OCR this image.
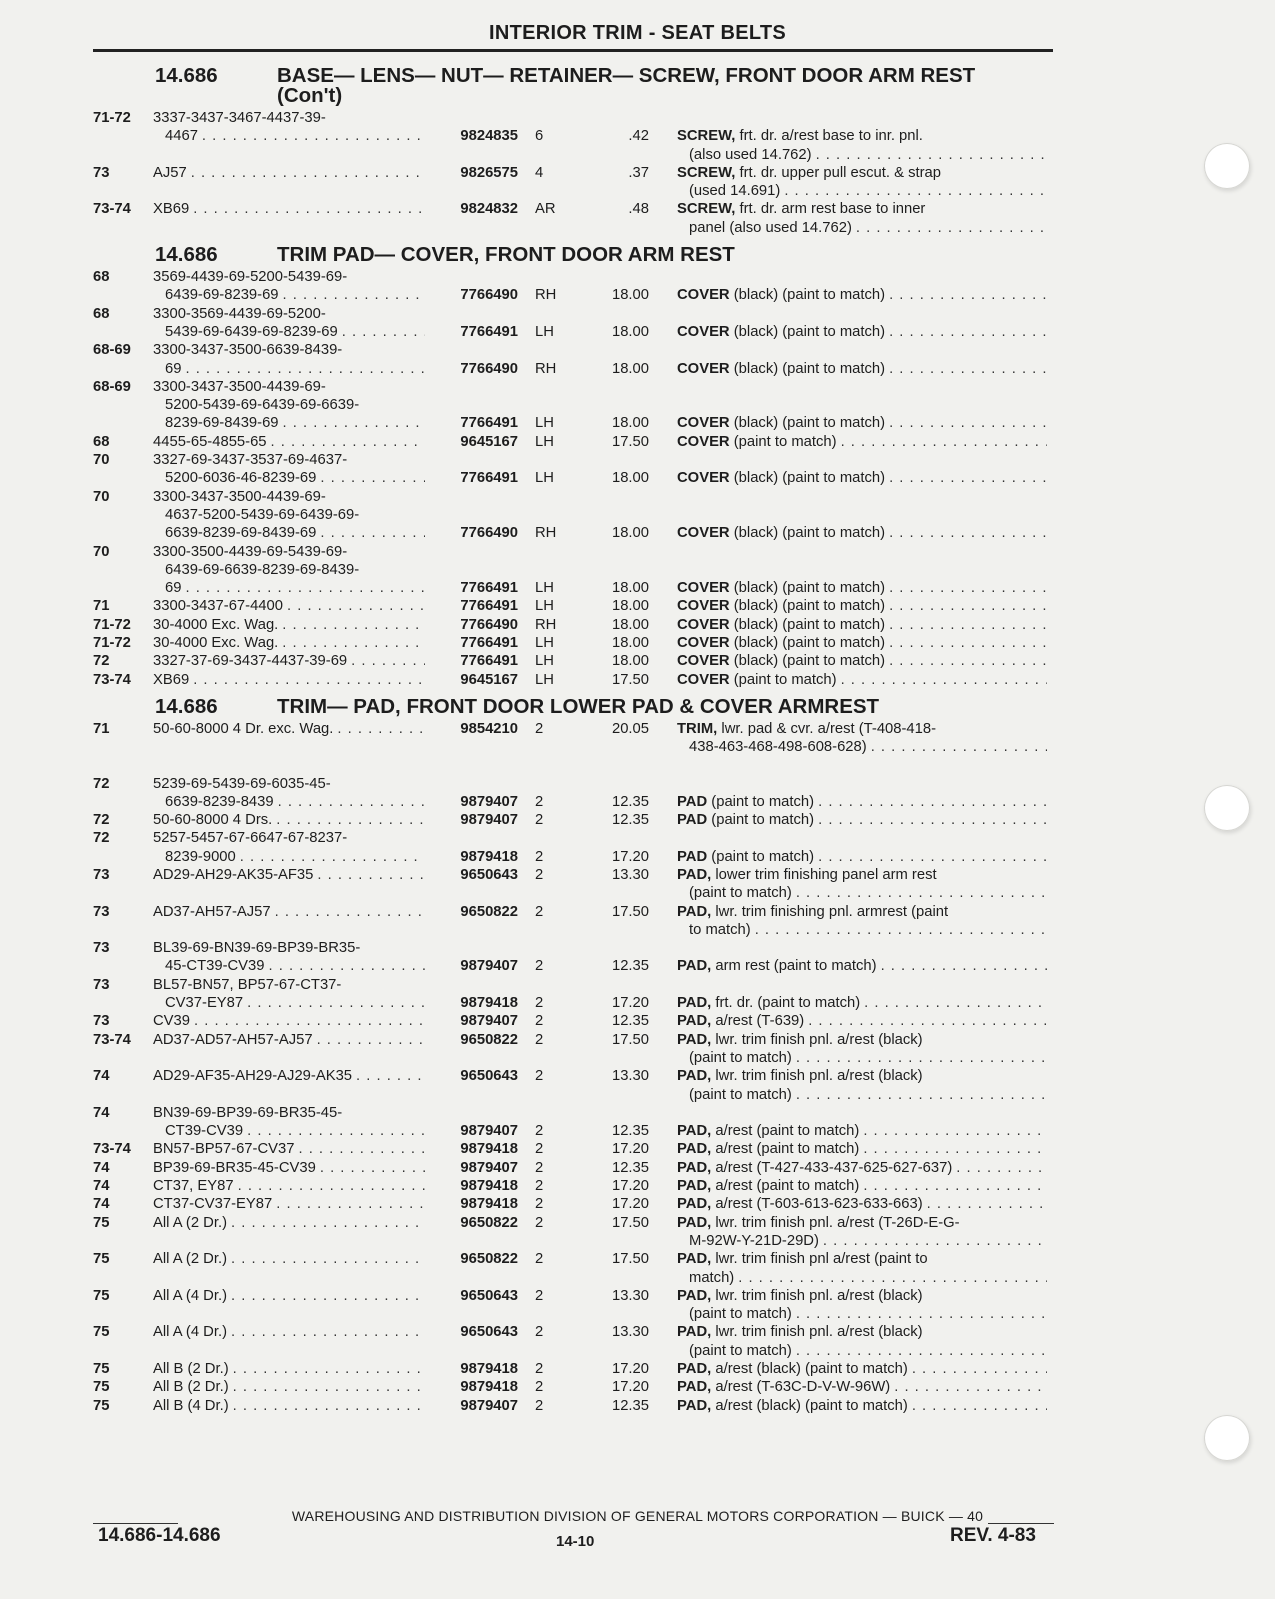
INTERIOR TRIM - SEAT BELTS
14.686	BASE— LENS— NUT— RETAINER— SCREW, FRONT DOOR ARM REST (Con't)
71-72	3337-3437-3467-4437-39-
4467 . . .	9824835	6	.42 SCREW, frt. dr. a/rest base to inr. pnl.
(also used 14.762)
. . .
73	AJ57 . . .	9826575	4	.37 SCREW, frt. dr. upper pull escut. & strap
(used 14.691)
. . .
73-74	XB69 . . .	9824832	AR	.48 SCREW, frt. dr. arm rest base to inner
panel (also used 14.762)
. . .
14.686	TRIM PAD— COVER, FRONT DOOR ARM REST
68	3569-4439-69-5200-5439-69-
6439-69-8239-69 . . .	7766490	RH	18.00 COVER (black) (paint to match)
. . .
68	3300-3569-4439-69-5200-
5439-69-6439-69-8239-69 . . .	7766491	LH	18.00 COVER (black) (paint to match)
. . .
68-69	3300-3437-3500-6639-8439-
69 . . .	7766490	RH	18.00 COVER (black) (paint to match)
. . .
68-69	3300-3437-3500-4439-69-
5200-5439-69-6439-69-6639-
8239-69-8439-69 . . .	7766491	LH	18.00 COVER (black) (paint to match)
. . .
68	4455-65-4855-65 . . .	9645167	LH	17.50 COVER (paint to match)
. . .
70	3327-69-3437-3537-69-4637-
5200-6036-46-8239-69 . . .	7766491	LH	18.00 COVER (black) (paint to match)
. . .
70	3300-3437-3500-4439-69-
4637-5200-5439-69-6439-69-
6639-8239-69-8439-69 . . .	7766490	RH	18.00 COVER (black) (paint to match)
. . .
70	3300-3500-4439-69-5439-69-
6439-69-6639-8239-69-8439-
69 . . .	7766491	LH	18.00 COVER (black) (paint to match)
. . .
71	3300-3437-67-4400 . . .	7766491	LH	18.00 COVER (black) (paint to match)
. . .
71-72	30-4000 Exc. Wag. . . .	7766490	RH	18.00 COVER (black) (paint to match)
. . .
71-72	30-4000 Exc. Wag. . . .	7766491	LH	18.00 COVER (black) (paint to match)
. . .
72	3327-37-69-3437-4437-39-69 . . .	7766491	LH	18.00 COVER (black) (paint to match)
. . .
73-74	XB69 . . .	9645167	LH	17.50 COVER (paint to match)
. . .
14.686	TRIM— PAD, FRONT DOOR LOWER PAD & COVER ARMREST
71	50-60-8000 4 Dr. exc. Wag. . . .	9854210	2	20.05 TRIM, lwr. pad & cvr. a/rest (T-408-418-
438-463-468-498-608-628)
. . .
72	5239-69-5439-69-6035-45-
6639-8239-8439 . . .	9879407	2	12.35 PAD (paint to match)
. . .
72	50-60-8000 4 Drs. . . .	9879407	2	12.35 PAD (paint to match)
. . .
72	5257-5457-67-6647-67-8237-
8239-9000 . . .	9879418	2	17.20 PAD (paint to match)
. . .
73	AD29-AH29-AK35-AF35 . . .	9650643	2	13.30 PAD, lower trim finishing panel arm rest
(paint to match)
. . .
73	AD37-AH57-AJ57 . . .	9650822	2	17.50 PAD, lwr. trim finishing pnl. armrest (paint
to match)
. . .
73	BL39-69-BN39-69-BP39-BR35-
45-CT39-CV39 . . .	9879407	2	12.35 PAD, arm rest (paint to match)
. . .
73	BL57-BN57, BP57-67-CT37-
CV37-EY87 . . .	9879418	2	17.20 PAD, frt. dr. (paint to match)
. . .
73	CV39 . . .	9879407	2	12.35 PAD, a/rest (T-639)
. . .
73-74	AD37-AD57-AH57-AJ57 . . .	9650822	2	17.50 PAD, lwr. trim finish pnl. a/rest (black)
(paint to match)
. . .
74	AD29-AF35-AH29-AJ29-AK35 . . .	9650643	2	13.30 PAD, lwr. trim finish pnl. a/rest (black)
(paint to match)
. . .
74	BN39-69-BP39-69-BR35-45-
CT39-CV39 . . .	9879407	2	12.35 PAD, a/rest (paint to match)
. . .
73-74	BN57-BP57-67-CV37 . . .	9879418	2	17.20 PAD, a/rest (paint to match)
. . .
74	BP39-69-BR35-45-CV39 . . .	9879407	2	12.35 PAD, a/rest (T-427-433-437-625-627-637)
. . .
74	CT37, EY87 . . .	9879418	2	17.20 PAD, a/rest (paint to match)
. . .
74	CT37-CV37-EY87 . . .	9879418	2	17.20 PAD, a/rest (T-603-613-623-633-663)
. . .
75	All A (2 Dr.) . . .	9650822	2	17.50 PAD, lwr. trim finish pnl. a/rest (T-26D-E-G-
M-92W-Y-21D-29D)
. . .
75	All A (2 Dr.) . . .	9650822	2	17.50 PAD, lwr. trim finish pnl a/rest (paint to
match)
. . .
75	All A (4 Dr.) . . .	9650643	2	13.30 PAD, lwr. trim finish pnl. a/rest (black)
(paint to match)
. . .
75	All A (4 Dr.) . . .	9650643	2	13.30 PAD, lwr. trim finish pnl. a/rest (black)
(paint to match)
. . .
75	All B (2 Dr.) . . .	9879418	2	17.20 PAD, a/rest (black) (paint to match)
. . .
75	All B (2 Dr.) . . .	9879418	2	17.20 PAD, a/rest (T-63C-D-V-W-96W)
. . .
75	All B (4 Dr.) . . .	9879407	2	12.35 PAD, a/rest (black) (paint to match)
. . .
WAREHOUSING AND DISTRIBUTION DIVISION OF GENERAL MOTORS CORPORATION — BUICK — 40
14.686-14.686	14-10	REV. 4-83
